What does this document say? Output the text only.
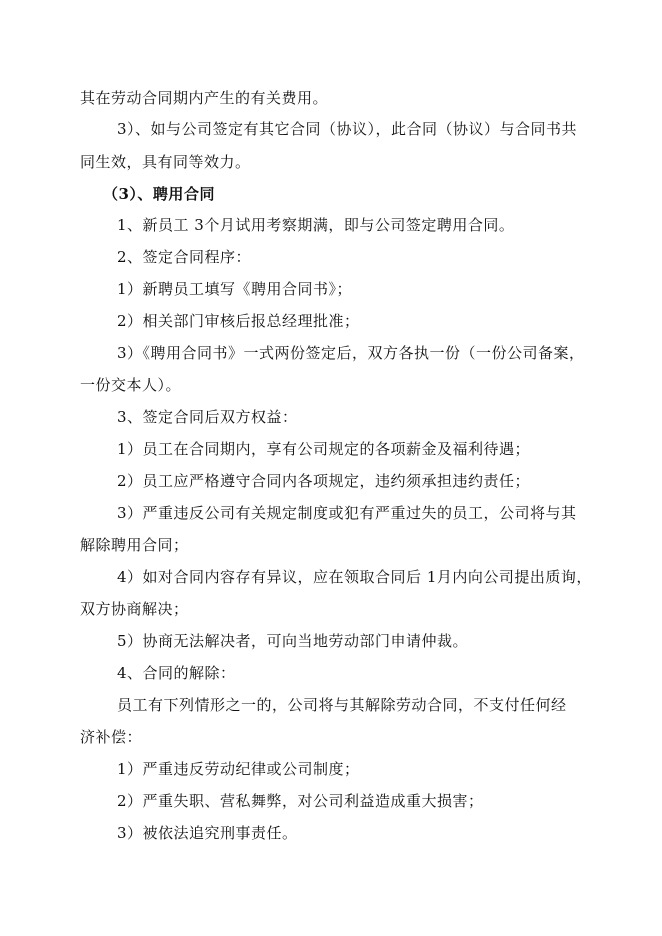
其在劳动合同期内产生的有关费用。
3）、如与公司签定有其它合同（协议），此合同（协议）与合同书共
同生效，具有同等效力。
（3）、聘用合同
1、新员工 3个月试用考察期满，即与公司签定聘用合同。
2、签定合同程序：
1）新聘员工填写《聘用合同书》；
2）相关部门审核后报总经理批准；
3）《聘用合同书》一式两份签定后，双方各执一份（一份公司备案，
一份交本人）。
3、签定合同后双方权益：
1）员工在合同期内，享有公司规定的各项薪金及福利待遇；
2）员工应严格遵守合同内各项规定，违约须承担违约责任；
3）严重违反公司有关规定制度或犯有严重过失的员工，公司将与其
解除聘用合同；
4）如对合同内容存有异议，应在领取合同后 1月内向公司提出质询，
双方协商解决；
5）协商无法解决者，可向当地劳动部门申请仲裁。
4、合同的解除：
员工有下列情形之一的，公司将与其解除劳动合同，不支付任何经
济补偿：
1）严重违反劳动纪律或公司制度；
2）严重失职、营私舞弊，对公司利益造成重大损害；
3）被依法追究刑事责任。
